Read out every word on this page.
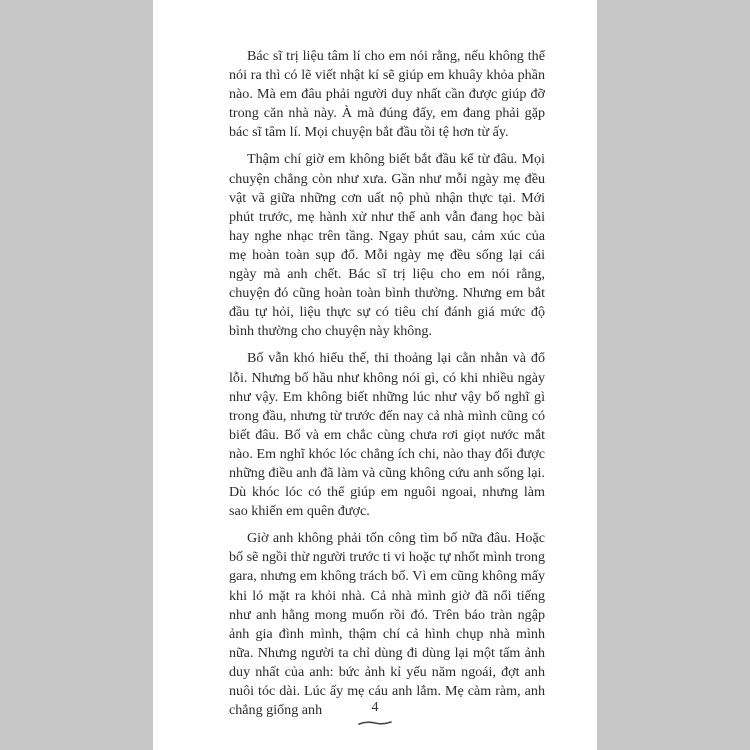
Bác sĩ trị liệu tâm lí cho em nói rằng, nếu không thể nói ra thì có lẽ viết nhật kí sẽ giúp em khuây khỏa phần nào. Mà em đâu phải người duy nhất cần được giúp đỡ trong căn nhà này. À mà đúng đấy, em đang phải gặp bác sĩ tâm lí. Mọi chuyện bắt đầu tồi tệ hơn từ ấy.

Thậm chí giờ em không biết bắt đầu kể từ đâu. Mọi chuyện chẳng còn như xưa. Gần như mỗi ngày mẹ đều vật vã giữa những cơn uất nộ phủ nhận thực tại. Mới phút trước, mẹ hành xử như thể anh vẫn đang học bài hay nghe nhạc trên tầng. Ngay phút sau, cảm xúc của mẹ hoàn toàn sụp đổ. Mỗi ngày mẹ đều sống lại cái ngày mà anh chết. Bác sĩ trị liệu cho em nói rằng, chuyện đó cũng hoàn toàn bình thường. Nhưng em bắt đầu tự hỏi, liệu thực sự có tiêu chí đánh giá mức độ bình thường cho chuyện này không.

Bố vẫn khó hiểu thế, thi thoảng lại cằn nhằn và đổ lỗi. Nhưng bố hầu như không nói gì, có khi nhiều ngày như vậy. Em không biết những lúc như vậy bố nghĩ gì trong đầu, nhưng từ trước đến nay cả nhà mình cũng có biết đâu. Bố và em chắc cùng chưa rơi giọt nước mắt nào. Em nghĩ khóc lóc chẳng ích chi, nào thay đổi được những điều anh đã làm và cũng không cứu anh sống lại. Dù khóc lóc có thể giúp em nguôi ngoai, nhưng làm sao khiến em quên được.

Giờ anh không phải tốn công tìm bố nữa đâu. Hoặc bố sẽ ngồi thừ người trước ti vi hoặc tự nhốt mình trong gara, nhưng em không trách bố. Vì em cũng không mấy khi ló mặt ra khỏi nhà. Cả nhà mình giờ đã nổi tiếng như anh hằng mong muốn rồi đó. Trên báo tràn ngập ảnh gia đình mình, thậm chí cả hình chụp nhà mình nữa. Nhưng người ta chỉ dùng đi dùng lại một tấm ảnh duy nhất của anh: bức ảnh kỉ yếu năm ngoái, đợt anh nuôi tóc dài. Lúc ấy mẹ cáu anh lắm. Mẹ càm ràm, anh chẳng giống anh	4
